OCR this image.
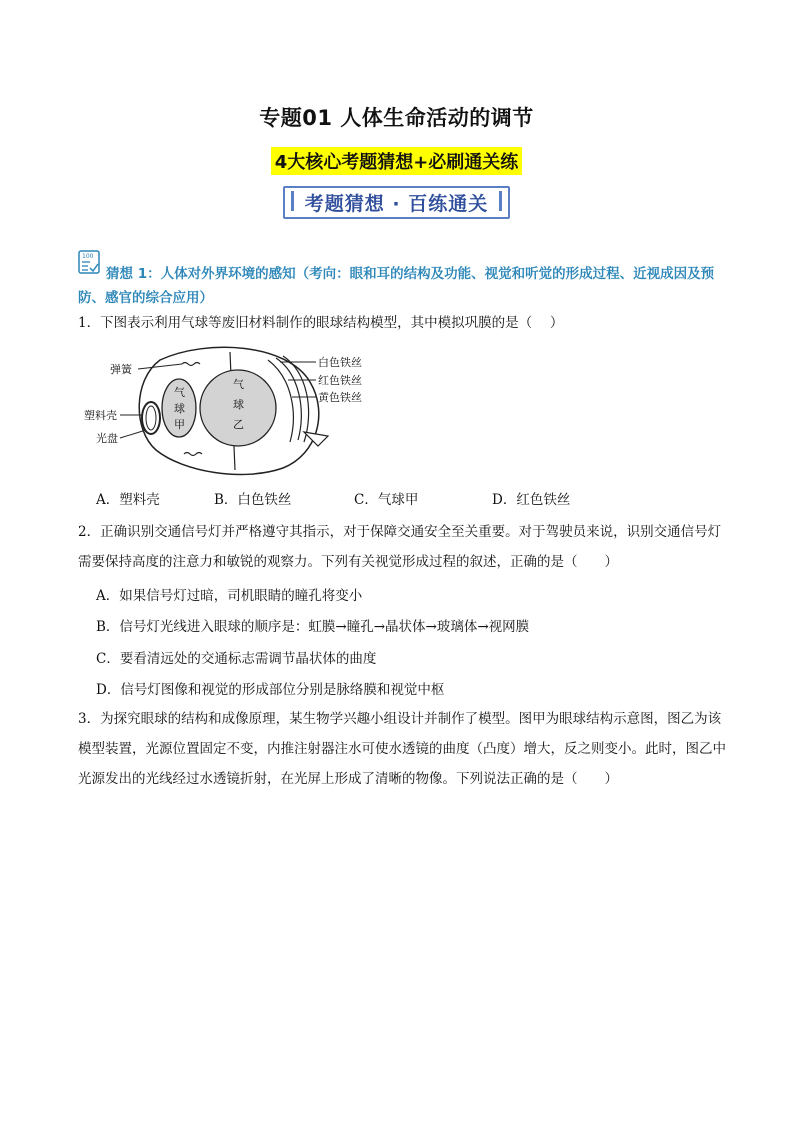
专题01 人体生命活动的调节
4大核心考题猜想+必刷通关练
考题猜想 · 百练通关
100
猜想 1：人体对外界环境的感知（考向：眼和耳的结构及功能、视觉和听觉的形成过程、近视成因及预防、感官的综合应用）
1．下图表示利用气球等废旧材料制作的眼球结构模型，其中模拟巩膜的是（　 ）
气
球
甲
气
球
乙
弹簧
塑料壳
光盘
白色铁丝
红色铁丝
黄色铁丝
A．塑料壳	B．白色铁丝	C．气球甲	D．红色铁丝
2．正确识别交通信号灯并严格遵守其指示，对于保障交通安全至关重要。对于驾驶员来说，识别交通信号灯需要保持高度的注意力和敏锐的观察力。下列有关视觉形成过程的叙述，正确的是（　　）
A．如果信号灯过暗，司机眼睛的瞳孔将变小
B．信号灯光线进入眼球的顺序是：虹膜→瞳孔→晶状体→玻璃体→视网膜
C．要看清远处的交通标志需调节晶状体的曲度
D．信号灯图像和视觉的形成部位分别是脉络膜和视觉中枢
3．为探究眼球的结构和成像原理，某生物学兴趣小组设计并制作了模型。图甲为眼球结构示意图，图乙为该模型装置，光源位置固定不变，内推注射器注水可使水透镜的曲度（凸度）增大，反之则变小。此时，图乙中光源发出的光线经过水透镜折射，在光屏上形成了清晰的物像。下列说法正确的是（　　）
